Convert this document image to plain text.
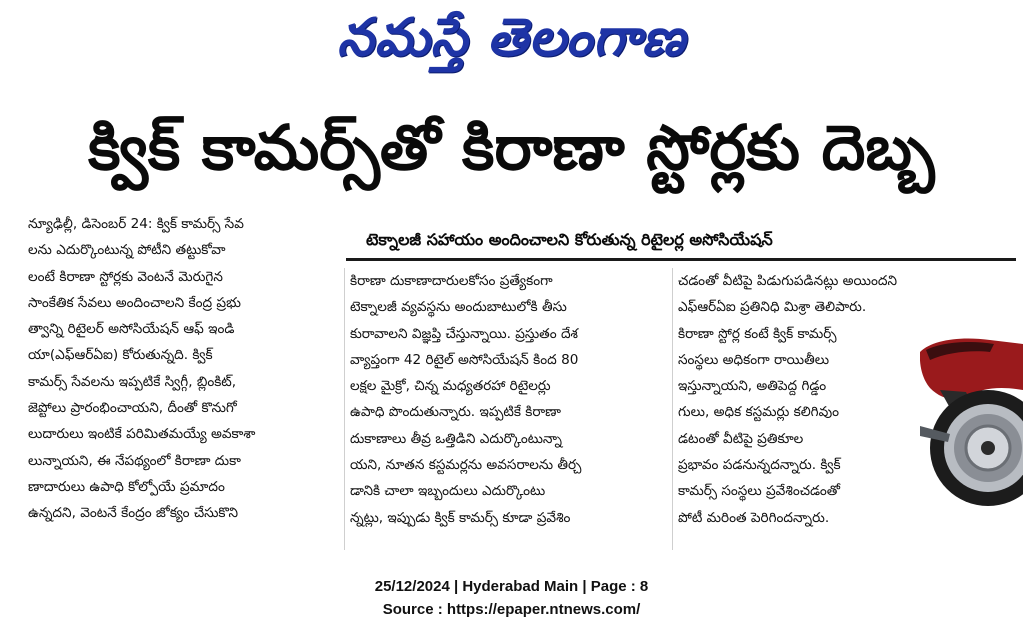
నమస్తే తెలంగాణ
క్విక్ కామర్స్‌తో కిరాణా స్టోర్లకు దెబ్బ
టెక్నాలజీ సహాయం అందించాలని కోరుతున్న రిటైలర్ల అసోసియేషన్
న్యూఢిల్లీ, డిసెంబర్ 24: క్విక్ కామర్స్ సేవ
లను ఎదుర్కొంటున్న పోటీని తట్టుకోవా
లంటే కిరాణా స్టోర్లకు వెంటనే మెరుగైన
సాంకేతిక సేవలు అందించాలని కేంద్ర ప్రభు
త్వాన్ని రిటైలర్ అసోసియేషన్ ఆఫ్ ఇండి
యా(ఎఫ్ఆర్ఏఐ) కోరుతున్నది. క్విక్
కామర్స్ సేవలను ఇప్పటికే స్విగ్గీ, బ్లింకిట్,
జెప్టోలు ప్రారంభించాయని, దీంతో కొనుగో
లుదారులు ఇంటికే పరిమితమయ్యే అవకాశా
లున్నాయని, ఈ నేపథ్యంలో కిరాణా దుకా
ణాదారులు ఉపాధి కోల్పోయే ప్రమాదం
ఉన్నదని, వెంటనే కేంద్రం జోక్యం చేసుకొని
కిరాణా దుకాణాదారులకోసం ప్రత్యేకంగా
టెక్నాలజీ వ్యవస్థను అందుబాటులోకి తీసు
కురావాలని విజ్ఞప్తి చేస్తున్నాయి. ప్రస్తుతం దేశ
వ్యాప్తంగా 42 రిటైల్ అసోసియేషన్ కింద 80
లక్షల మైక్రో, చిన్న మధ్యతరహా రిటైలర్లు
ఉపాధి పొందుతున్నారు. ఇప్పటికే కిరాణా
దుకాణాలు తీవ్ర ఒత్తిడిని ఎదుర్కొంటున్నా
యని, నూతన కస్టమర్లను అవసరాలను తీర్చ
డానికి చాలా ఇబ్బందులు ఎదుర్కొంటు
న్నట్లు, ఇప్పుడు క్విక్ కామర్స్ కూడా ప్రవేశిం
చడంతో వీటిపై పిడుగుపడినట్లు అయిందని
ఎఫ్ఆర్ఏఐ ప్రతినిధి మిశ్రా తెలిపారు.
కిరాణా స్టోర్ల కంటే క్విక్ కామర్స్
సంస్థలు అధికంగా రాయితీలు
ఇస్తున్నాయని, అతిపెద్ద గిడ్డం
గులు, అధిక కస్టమర్లు కలిగివుం
డటంతో వీటిపై ప్రతికూల
ప్రభావం పడనున్నదన్నారు. క్విక్
కామర్స్ సంస్థలు ప్రవేశించడంతో
పోటీ మరింత పెరిగిందన్నారు.
25/12/2024 | Hyderabad Main | Page : 8
Source : https://epaper.ntnews.com/
